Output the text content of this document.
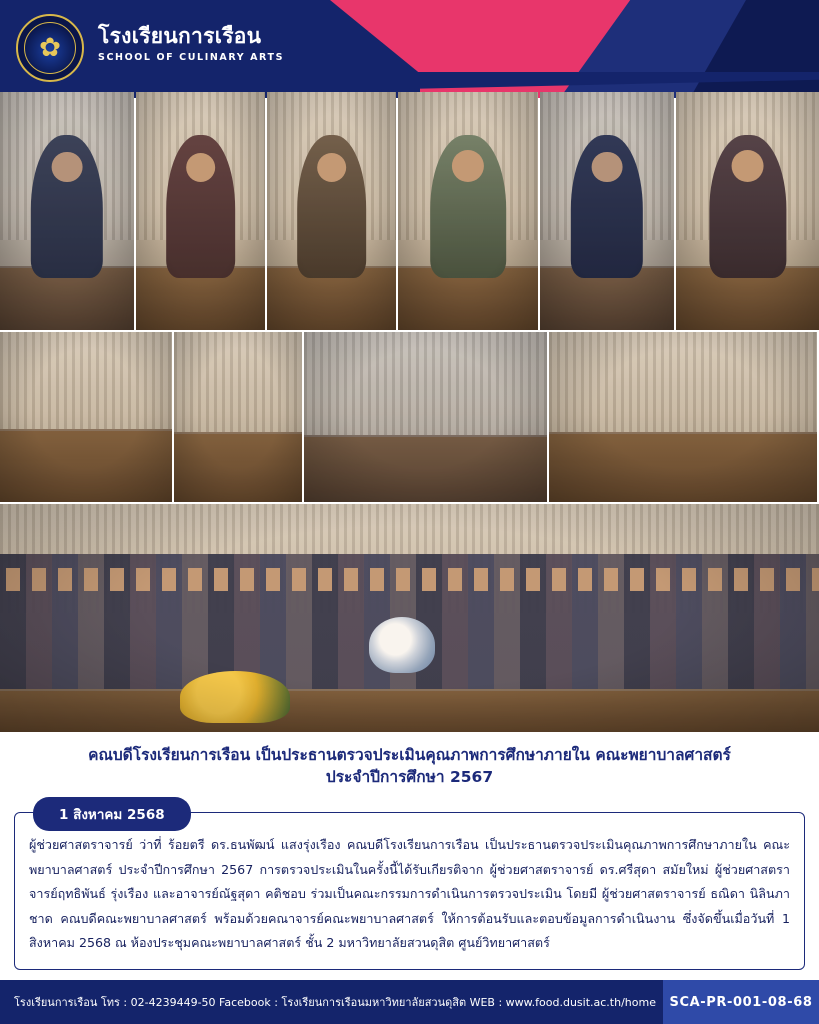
✿ โรงเรียนการเรือน
SCHOOL OF CULINARY ARTS
คณบดีโรงเรียนการเรือน เป็นประธานตรวจประเมินคุณภาพการศึกษาภายใน คณะพยาบาลศาสตร์
ประจำปีการศึกษา 2567
1 สิงหาคม 2568
ผู้ช่วยศาสตราจารย์ ว่าที่ ร้อยตรี ดร.ธนพัฒน์ แสงรุ่งเรือง คณบดีโรงเรียนการเรือน เป็นประธานตรวจประเมินคุณภาพการศึกษาภายใน คณะพยาบาลศาสตร์ ประจำปีการศึกษา 2567 การตรวจประเมินในครั้งนี้ได้รับเกียรติจาก ผู้ช่วยศาสตราจารย์ ดร.ศรีสุดา สมัยใหม่ ผู้ช่วยศาสตราจารย์ฤทธิพันธ์ รุ่งเรือง และอาจารย์ณัฐสุดา คติชอบ ร่วมเป็นคณะกรรมการดำเนินการตรวจประเมิน โดยมี ผู้ช่วยศาสตราจารย์ ธณิดา นิลินภาชาด คณบดีคณะพยาบาลศาสตร์ พร้อมด้วยคณาจารย์คณะพยาบาลศาสตร์ ให้การต้อนรับและตอบข้อมูลการดำเนินงาน ซึ่งจัดขึ้นเมื่อวันที่ 1 สิงหาคม 2568 ณ ห้องประชุมคณะพยาบาลศาสตร์ ชั้น 2 มหาวิทยาลัยสวนดุสิต ศูนย์วิทยาศาสตร์
โรงเรียนการเรือน โทร : 02-4239449-50 Facebook : โรงเรียนการเรือนมหาวิทยาลัยสวนดุสิต WEB : www.food.dusit.ac.th/home SCA-PR-001-08-68
